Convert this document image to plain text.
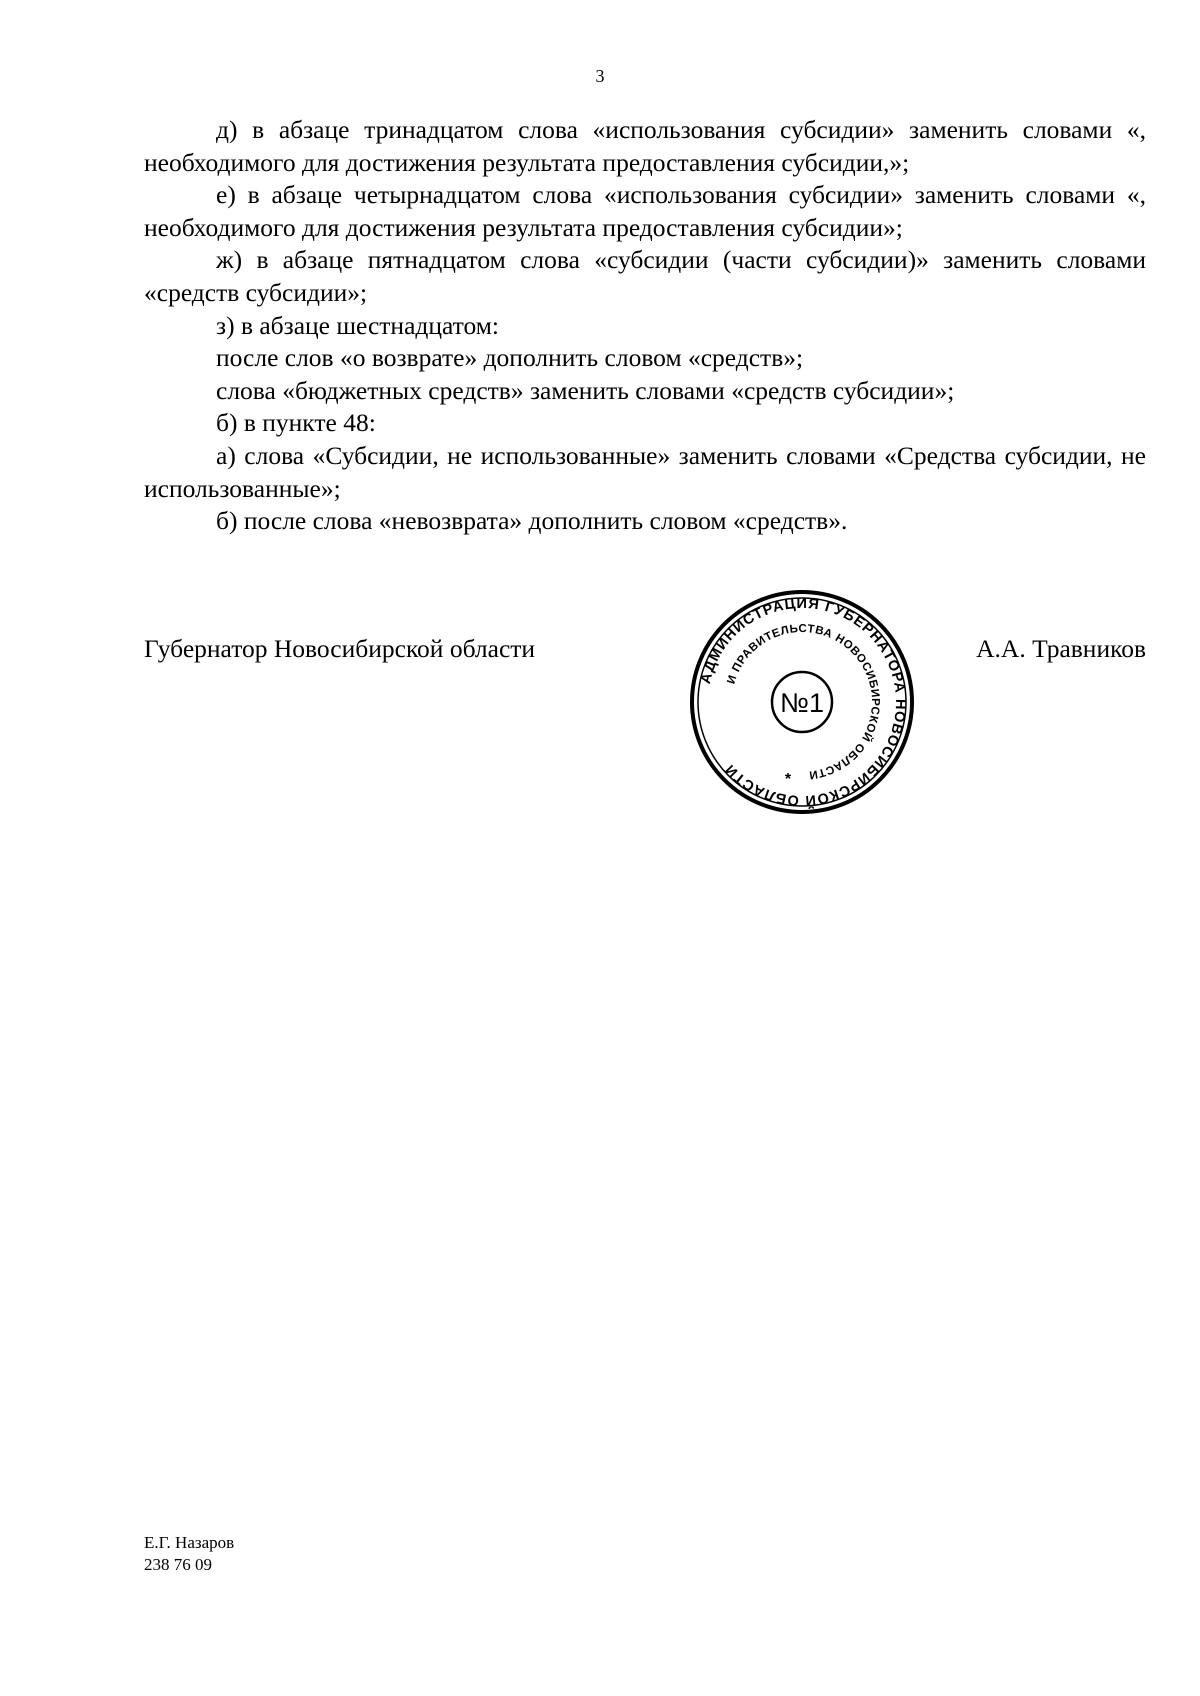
3

д) в абзаце тринадцатом слова «использования субсидии» заменить словами «, необходимого для достижения результата предоставления субсидии,»;

е) в абзаце четырнадцатом слова «использования субсидии» заменить словами «, необходимого для достижения результата предоставления субсидии»;

ж) в абзаце пятнадцатом слова «субсидии (части субсидии)» заменить словами «средств субсидии»;

з) в абзаце шестнадцатом:

после слов «о возврате» дополнить словом «средств»;

слова «бюджетных средств» заменить словами «средств субсидии»;

б) в пункте 48:

а) слова «Субсидии, не использованные» заменить словами «Средства субсидии, не использованные»;

б) после слова «невозврата» дополнить словом «средств».

Губернатор Новосибирской области	А.А. Травников
АДМИНИСТРАЦИЯ ГУБЕРНАТОРА НОВОСИБИРСКОЙ ОБЛАСТИ
И ПРАВИТЕЛЬСТВА НОВОСИБИРСКОЙ ОБЛАСТИ
№1
*
Е.Г. Назаров
238 76 09
